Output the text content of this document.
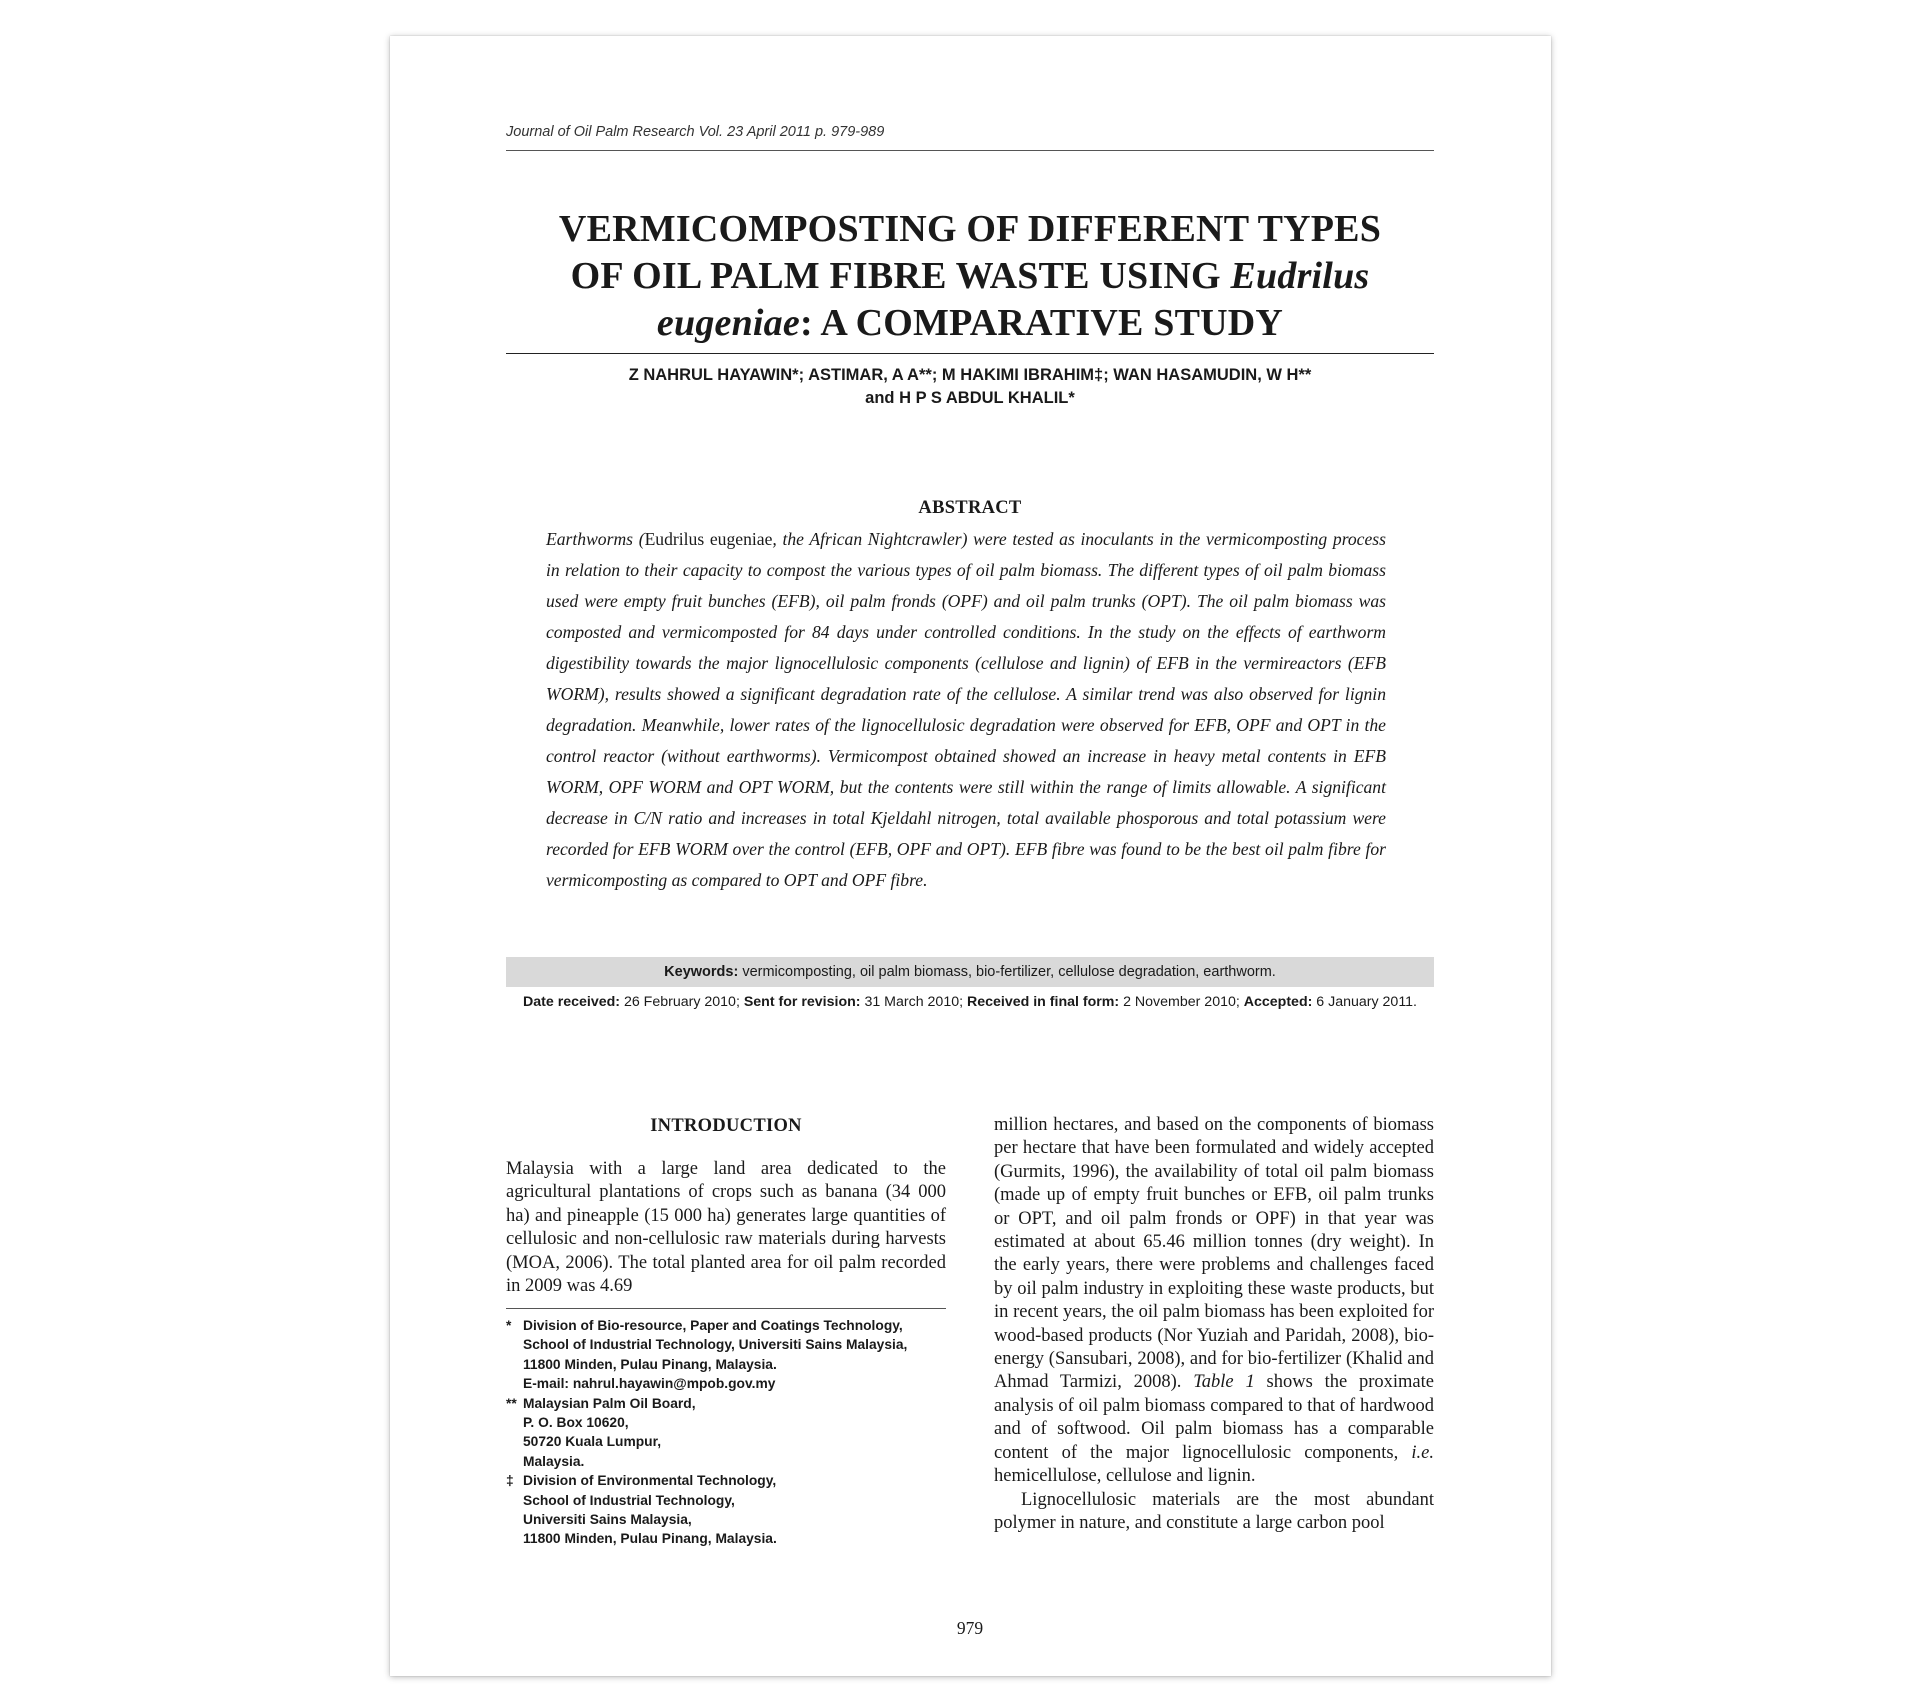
Journal of Oil Palm Research Vol. 23 April 2011 p. 979-989
VERMICOMPOSTING OF DIFFERENT TYPES
OF OIL PALM FIBRE WASTE USING Eudrilus
eugeniae: A COMPARATIVE STUDY
Z NAHRUL HAYAWIN*; ASTIMAR, A A**; M HAKIMI IBRAHIM‡; WAN HASAMUDIN, W H**
and H P S ABDUL KHALIL*
ABSTRACT

Earthworms (Eudrilus eugeniae, the African Nightcrawler) were tested as inoculants in the vermicomposting process in relation to their capacity to compost the various types of oil palm biomass. The different types of oil palm biomass used were empty fruit bunches (EFB), oil palm fronds (OPF) and oil palm trunks (OPT). The oil palm biomass was composted and vermicomposted for 84 days under controlled conditions. In the study on the effects of earthworm digestibility towards the major lignocellulosic components (cellulose and lignin) of EFB in the vermireactors (EFB WORM), results showed a significant degradation rate of the cellulose. A similar trend was also observed for lignin degradation. Meanwhile, lower rates of the lignocellulosic degradation were observed for EFB, OPF and OPT in the control reactor (without earthworms). Vermicompost obtained showed an increase in heavy metal contents in EFB WORM, OPF WORM and OPT WORM, but the contents were still within the range of limits allowable. A significant decrease in C/N ratio and increases in total Kjeldahl nitrogen, total available phosporous and total potassium were recorded for EFB WORM over the control (EFB, OPF and OPT). EFB fibre was found to be the best oil palm fibre for vermicomposting as compared to OPT and OPF fibre.

Keywords: vermicomposting, oil palm biomass, bio-fertilizer, cellulose degradation, earthworm.
Date received: 26 February 2010; Sent for revision: 31 March 2010; Received in final form: 2 November 2010; Accepted: 6 January 2011.
INTRODUCTION

Malaysia with a large land area dedicated to the agricultural plantations of crops such as banana (34 000 ha) and pineapple (15 000 ha) generates large quantities of cellulosic and non-cellulosic raw materials during harvests (MOA, 2006). The total planted area for oil palm recorded in 2009 was 4.69

* Division of Bio-resource, Paper and Coatings Technology,
School of Industrial Technology, Universiti Sains Malaysia,
11800 Minden, Pulau Pinang, Malaysia.
E-mail: nahrul.hayawin@mpob.gov.my
** Malaysian Palm Oil Board,
P. O. Box 10620,
50720 Kuala Lumpur,
Malaysia.
‡ Division of Environmental Technology,
School of Industrial Technology,
Universiti Sains Malaysia,
11800 Minden, Pulau Pinang, Malaysia.

million hectares, and based on the components of biomass per hectare that have been formulated and widely accepted (Gurmits, 1996), the availability of total oil palm biomass (made up of empty fruit bunches or EFB, oil palm trunks or OPT, and oil palm fronds or OPF) in that year was estimated at about 65.46 million tonnes (dry weight). In the early years, there were problems and challenges faced by oil palm industry in exploiting these waste products, but in recent years, the oil palm biomass has been exploited for wood-based products (Nor Yuziah and Paridah, 2008), bio-energy (Sansubari, 2008), and for bio-fertilizer (Khalid and Ahmad Tarmizi, 2008). Table 1 shows the proximate analysis of oil palm biomass compared to that of hardwood and of softwood. Oil palm biomass has a comparable content of the major lignocellulosic components, i.e. hemicellulose, cellulose and lignin.

Lignocellulosic materials are the most abundant polymer in nature, and constitute a large carbon pool

979
